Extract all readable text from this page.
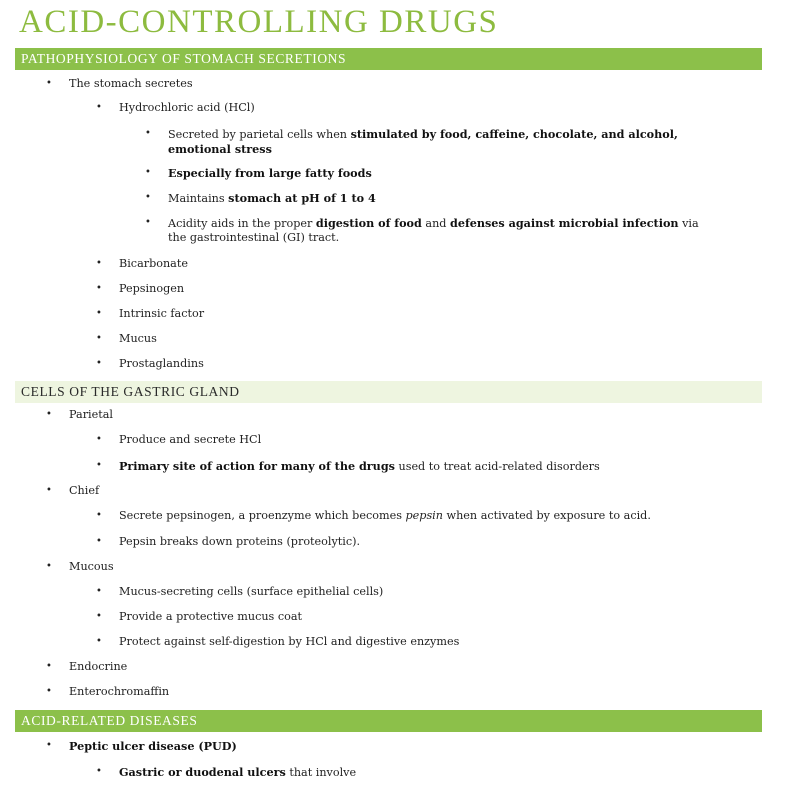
ACID-CONTROLLING DRUGS
PATHOPHYSIOLOGY OF STOMACH SECRETIONS
• The stomach secretes
• Hydrochloric acid (HCl)
• Secreted by parietal cells when stimulated by food, caffeine, chocolate, and alcohol,
emotional stress
• Especially from large fatty foods
• Maintains stomach at pH of 1 to 4
• Acidity aids in the proper digestion of food and defenses against microbial infection via
the gastrointestinal (GI) tract.
• Bicarbonate
• Pepsinogen
• Intrinsic factor
• Mucus
• Prostaglandins
CELLS OF THE GASTRIC GLAND
• Parietal
• Produce and secrete HCl
• Primary site of action for many of the drugs used to treat acid-related disorders
• Chief
• Secrete pepsinogen, a proenzyme which becomes pepsin when activated by exposure to acid.
• Pepsin breaks down proteins (proteolytic).
• Mucous
• Mucus-secreting cells (surface epithelial cells)
• Provide a protective mucus coat
• Protect against self-digestion by HCl and digestive enzymes
• Endocrine
• Enterochromaffin
ACID-RELATED DISEASES
• Peptic ulcer disease (PUD)
• Gastric or duodenal ulcers that involve
